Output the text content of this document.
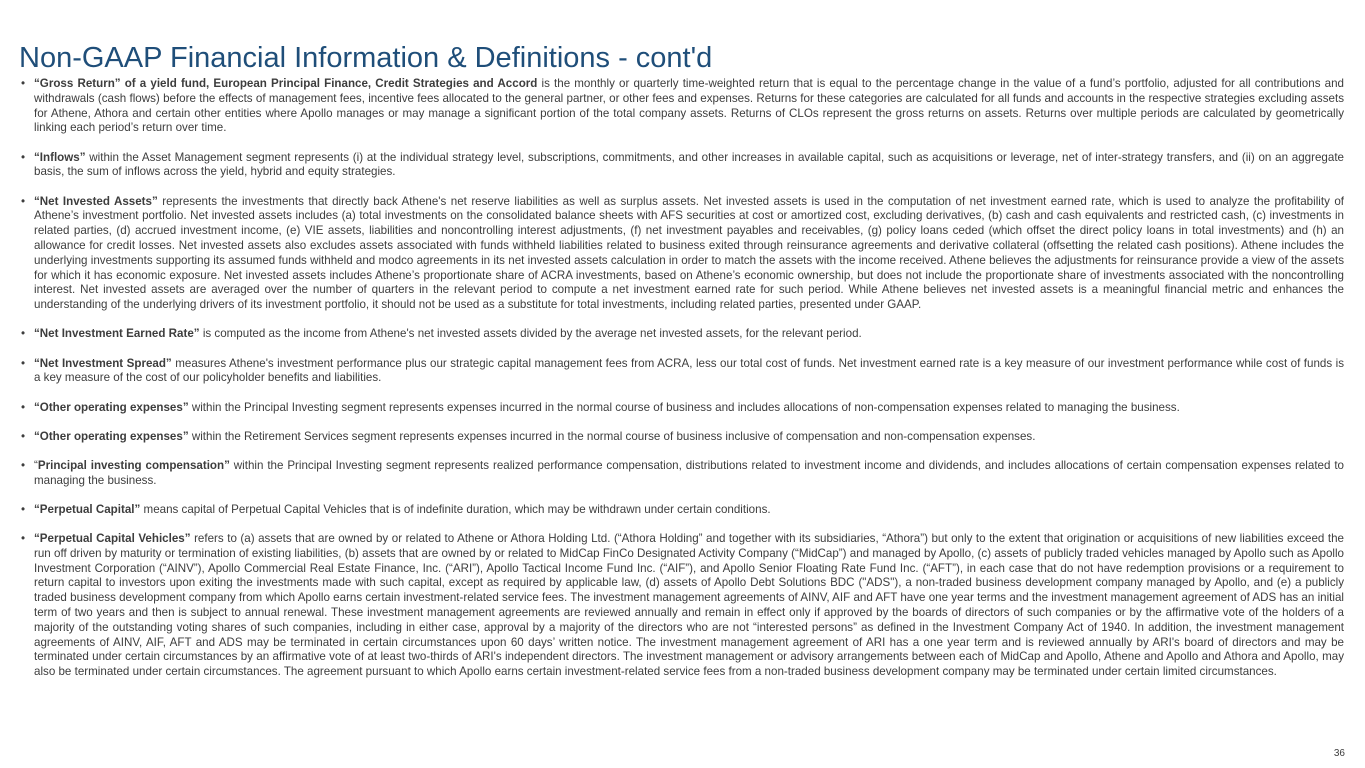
Non-GAAP Financial Information & Definitions - cont'd
• “Gross Return” of a yield fund, European Principal Finance, Credit Strategies and Accord is the monthly or quarterly time-weighted return that is equal to the percentage change in the value of a fund’s portfolio, adjusted for all contributions and withdrawals (cash flows) before the effects of management fees, incentive fees allocated to the general partner, or other fees and expenses. Returns for these categories are calculated for all funds and accounts in the respective strategies excluding assets for Athene, Athora and certain other entities where Apollo manages or may manage a significant portion of the total company assets. Returns of CLOs represent the gross returns on assets. Returns over multiple periods are calculated by geometrically linking each period’s return over time.
• “Inflows” within the Asset Management segment represents (i) at the individual strategy level, subscriptions, commitments, and other increases in available capital, such as acquisitions or leverage, net of inter-strategy transfers, and (ii) on an aggregate basis, the sum of inflows across the yield, hybrid and equity strategies.
• “Net Invested Assets” represents the investments that directly back Athene's net reserve liabilities as well as surplus assets. Net invested assets is used in the computation of net investment earned rate, which is used to analyze the profitability of Athene’s investment portfolio. Net invested assets includes (a) total investments on the consolidated balance sheets with AFS securities at cost or amortized cost, excluding derivatives, (b) cash and cash equivalents and restricted cash, (c) investments in related parties, (d) accrued investment income, (e) VIE assets, liabilities and noncontrolling interest adjustments, (f) net investment payables and receivables, (g) policy loans ceded (which offset the direct policy loans in total investments) and (h) an allowance for credit losses. Net invested assets also excludes assets associated with funds withheld liabilities related to business exited through reinsurance agreements and derivative collateral (offsetting the related cash positions). Athene includes the underlying investments supporting its assumed funds withheld and modco agreements in its net invested assets calculation in order to match the assets with the income received. Athene believes the adjustments for reinsurance provide a view of the assets for which it has economic exposure. Net invested assets includes Athene’s proportionate share of ACRA investments, based on Athene’s economic ownership, but does not include the proportionate share of investments associated with the noncontrolling interest. Net invested assets are averaged over the number of quarters in the relevant period to compute a net investment earned rate for such period. While Athene believes net invested assets is a meaningful financial metric and enhances the understanding of the underlying drivers of its investment portfolio, it should not be used as a substitute for total investments, including related parties, presented under GAAP.
• “Net Investment Earned Rate” is computed as the income from Athene's net invested assets divided by the average net invested assets, for the relevant period.
• “Net Investment Spread” measures Athene's investment performance plus our strategic capital management fees from ACRA, less our total cost of funds. Net investment earned rate is a key measure of our investment performance while cost of funds is a key measure of the cost of our policyholder benefits and liabilities.
• “Other operating expenses” within the Principal Investing segment represents expenses incurred in the normal course of business and includes allocations of non-compensation expenses related to managing the business.
• “Other operating expenses” within the Retirement Services segment represents expenses incurred in the normal course of business inclusive of compensation and non-compensation expenses.
• “Principal investing compensation” within the Principal Investing segment represents realized performance compensation, distributions related to investment income and dividends, and includes allocations of certain compensation expenses related to managing the business.
• “Perpetual Capital” means capital of Perpetual Capital Vehicles that is of indefinite duration, which may be withdrawn under certain conditions.
• “Perpetual Capital Vehicles” refers to (a) assets that are owned by or related to Athene or Athora Holding Ltd. (“Athora Holding” and together with its subsidiaries, “Athora”) but only to the extent that origination or acquisitions of new liabilities exceed the run off driven by maturity or termination of existing liabilities, (b) assets that are owned by or related to MidCap FinCo Designated Activity Company (“MidCap”) and managed by Apollo, (c) assets of publicly traded vehicles managed by Apollo such as Apollo Investment Corporation (“AINV”), Apollo Commercial Real Estate Finance, Inc. (“ARI”), Apollo Tactical Income Fund Inc. (“AIF”), and Apollo Senior Floating Rate Fund Inc. (“AFT”), in each case that do not have redemption provisions or a requirement to return capital to investors upon exiting the investments made with such capital, except as required by applicable law, (d) assets of Apollo Debt Solutions BDC ("ADS"), a non-traded business development company managed by Apollo, and (e) a publicly traded business development company from which Apollo earns certain investment-related service fees. The investment management agreements of AINV, AIF and AFT have one year terms and the investment management agreement of ADS has an initial term of two years and then is subject to annual renewal. These investment management agreements are reviewed annually and remain in effect only if approved by the boards of directors of such companies or by the affirmative vote of the holders of a majority of the outstanding voting shares of such companies, including in either case, approval by a majority of the directors who are not “interested persons” as defined in the Investment Company Act of 1940. In addition, the investment management agreements of AINV, AIF, AFT and ADS may be terminated in certain circumstances upon 60 days’ written notice. The investment management agreement of ARI has a one year term and is reviewed annually by ARI's board of directors and may be terminated under certain circumstances by an affirmative vote of at least two-thirds of ARI's independent directors. The investment management or advisory arrangements between each of MidCap and Apollo, Athene and Apollo and Athora and Apollo, may also be terminated under certain circumstances. The agreement pursuant to which Apollo earns certain investment-related service fees from a non-traded business development company may be terminated under certain limited circumstances.
36
